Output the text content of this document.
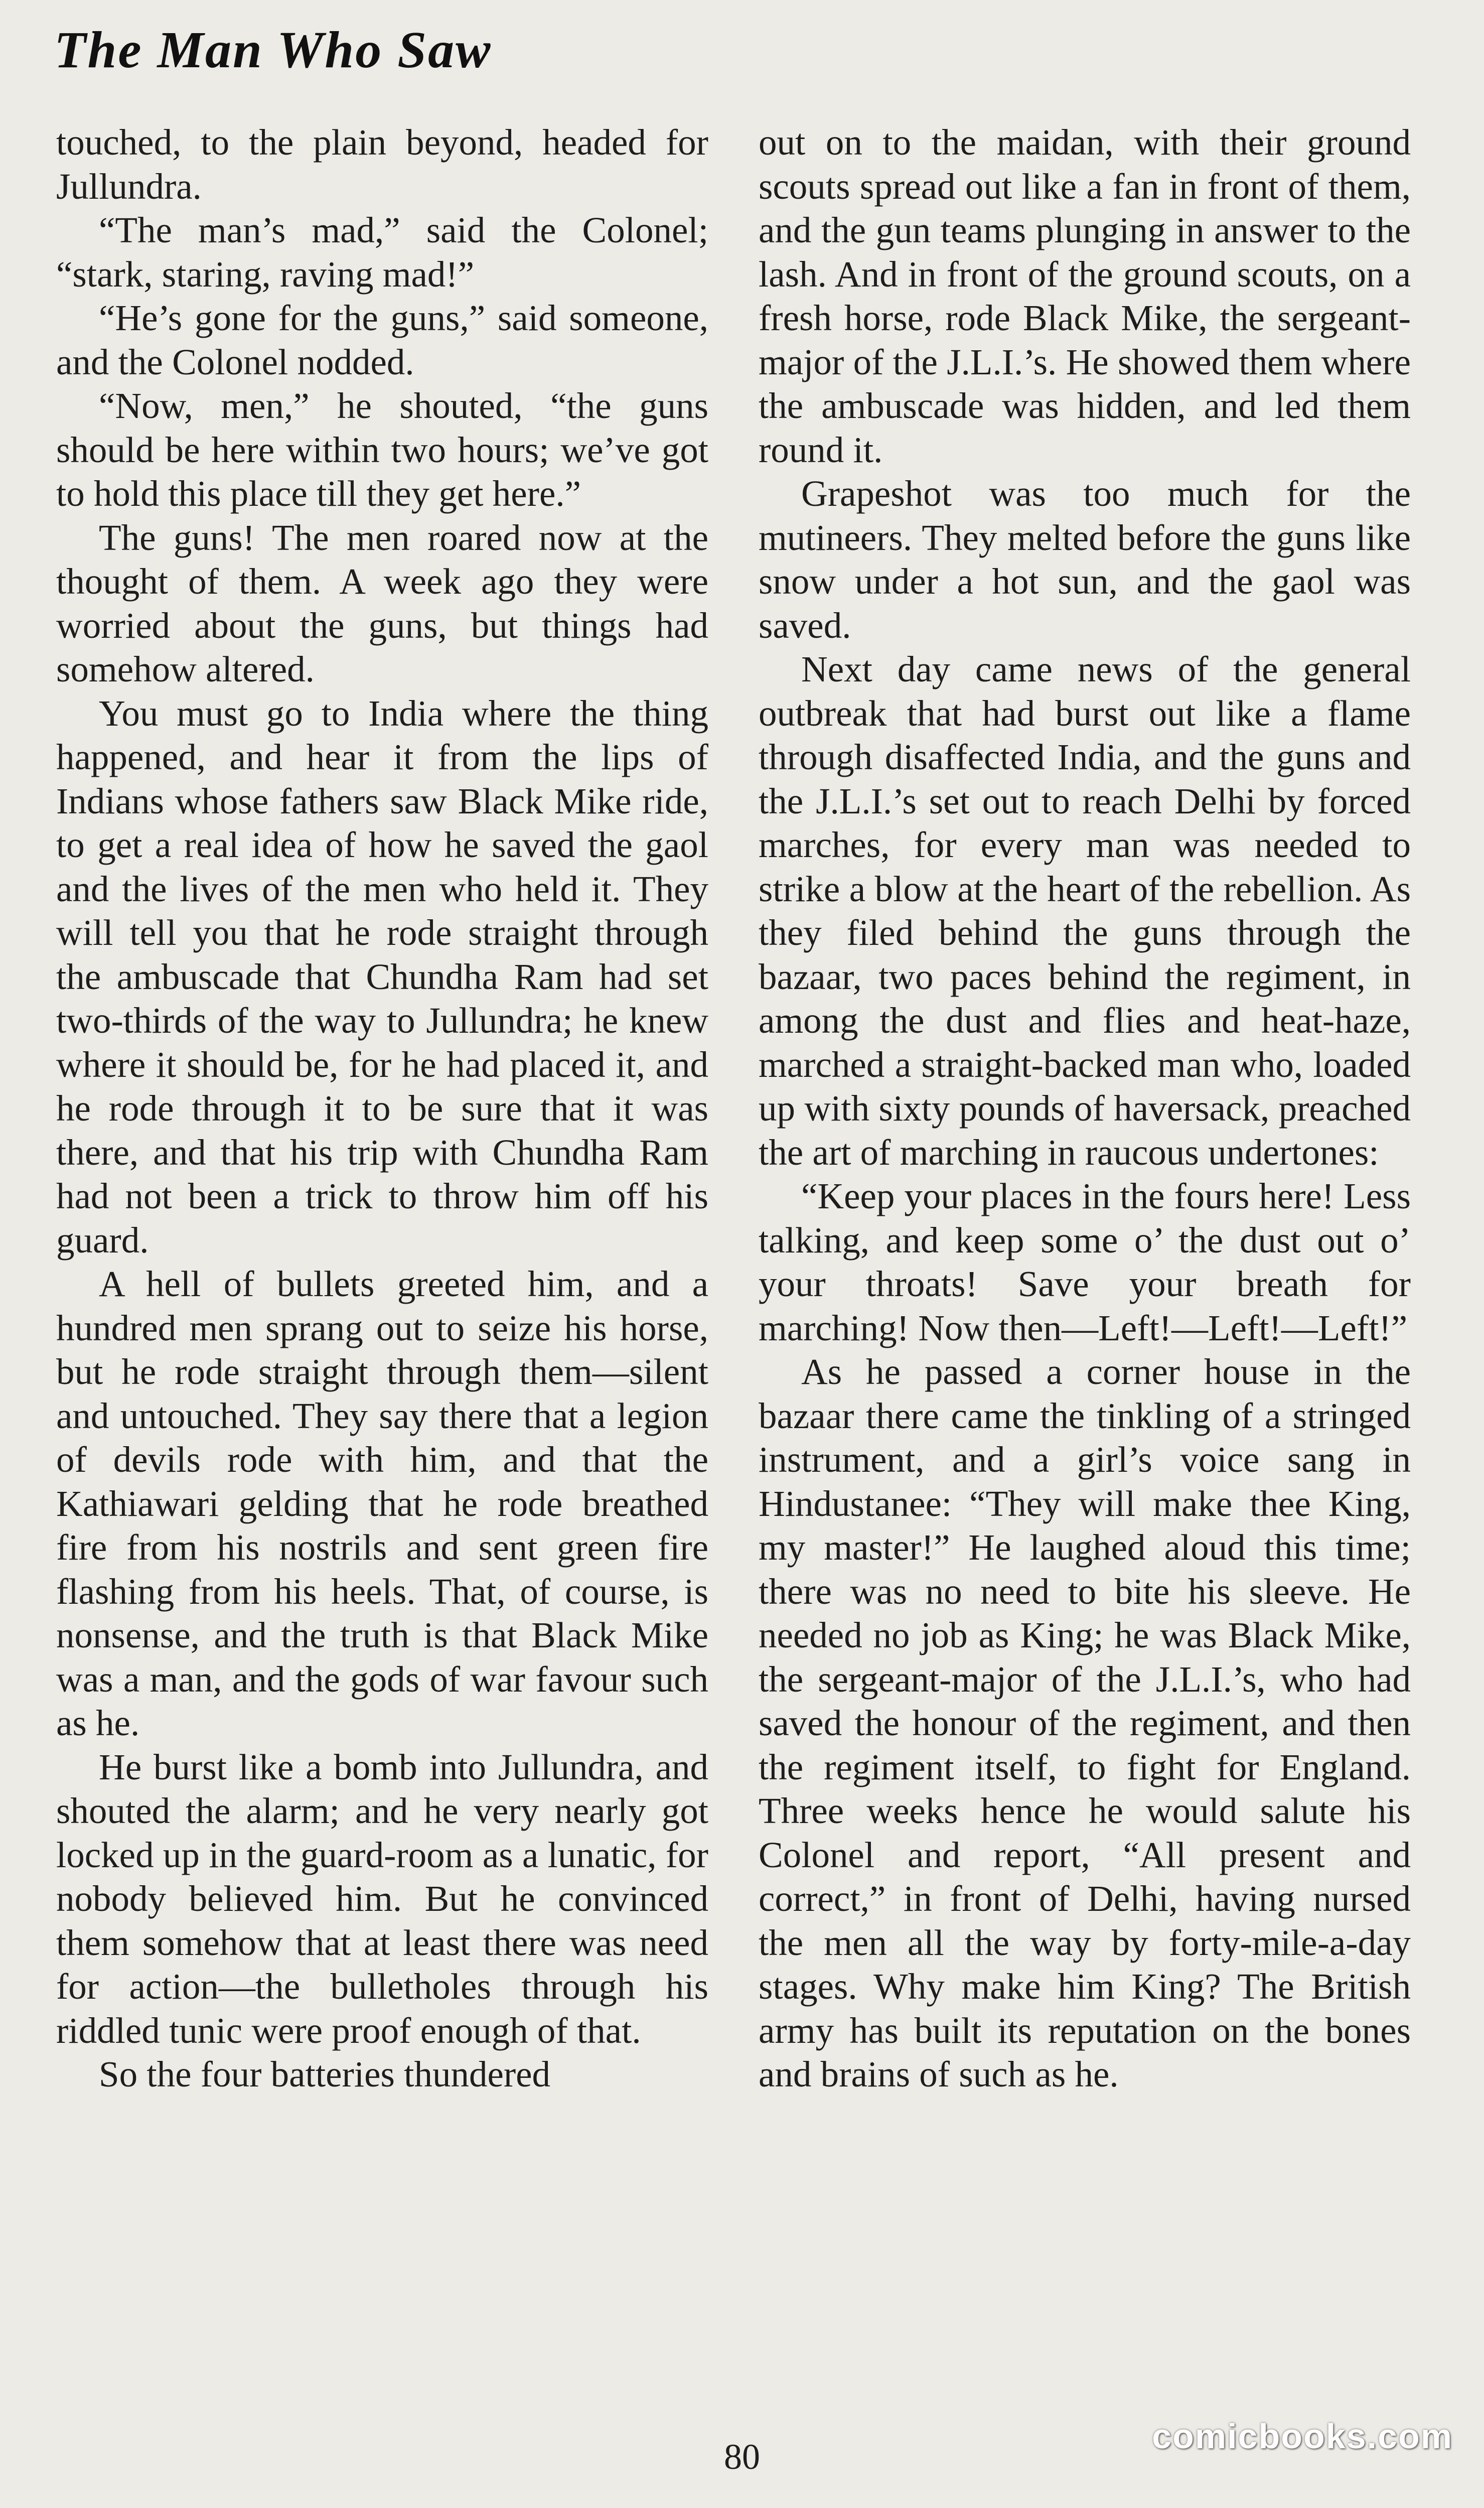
The Man Who Saw

touched, to the plain beyond, headed for Jullundra.

“The man’s mad,” said the Colonel; “stark, staring, raving mad!”

“He’s gone for the guns,” said someone, and the Colonel nodded.

“Now, men,” he shouted, “the guns should be here within two hours; we’ve got to hold this place till they get here.”

The guns! The men roared now at the thought of them. A week ago they were worried about the guns, but things had somehow altered.

You must go to India where the thing happened, and hear it from the lips of Indians whose fathers saw Black Mike ride, to get a real idea of how he saved the gaol and the lives of the men who held it. They will tell you that he rode straight through the ambuscade that Chundha Ram had set two-thirds of the way to Jullundra; he knew where it should be, for he had placed it, and he rode through it to be sure that it was there, and that his trip with Chundha Ram had not been a trick to throw him off his guard.

A hell of bullets greeted him, and a hundred men sprang out to seize his horse, but he rode straight through them—silent and untouched. They say there that a legion of devils rode with him, and that the Kathiawari gelding that he rode breathed fire from his nostrils and sent green fire flashing from his heels. That, of course, is nonsense, and the truth is that Black Mike was a man, and the gods of war favour such as he.

He burst like a bomb into Jullundra, and shouted the alarm; and he very nearly got locked up in the guard-room as a lunatic, for nobody believed him. But he convinced them somehow that at least there was need for action—the bulletholes through his riddled tunic were proof enough of that.

So the four batteries thundered

out on to the maidan, with their ground scouts spread out like a fan in front of them, and the gun teams plunging in answer to the lash. And in front of the ground scouts, on a fresh horse, rode Black Mike, the sergeant-major of the J.L.I.’s. He showed them where the ambuscade was hidden, and led them round it.

Grapeshot was too much for the mutineers. They melted before the guns like snow under a hot sun, and the gaol was saved.

Next day came news of the general outbreak that had burst out like a flame through disaffected India, and the guns and the J.L.I.’s set out to reach Delhi by forced marches, for every man was needed to strike a blow at the heart of the rebellion. As they filed behind the guns through the bazaar, two paces behind the regiment, in among the dust and flies and heat-haze, marched a straight-backed man who, loaded up with sixty pounds of haversack, preached the art of marching in raucous undertones:

“Keep your places in the fours here! Less talking, and keep some o’ the dust out o’ your throats! Save your breath for marching! Now then—Left!—Left!—Left!”

As he passed a corner house in the bazaar there came the tinkling of a stringed instrument, and a girl’s voice sang in Hindustanee: “They will make thee King, my master!” He laughed aloud this time; there was no need to bite his sleeve. He needed no job as King; he was Black Mike, the sergeant-major of the J.L.I.’s, who had saved the honour of the regiment, and then the regiment itself, to fight for England. Three weeks hence he would salute his Colonel and report, “All present and correct,” in front of Delhi, having nursed the men all the way by forty-mile-a-day stages. Why make him King? The British army has built its reputation on the bones and brains of such as he.

80
comicbooks.com
